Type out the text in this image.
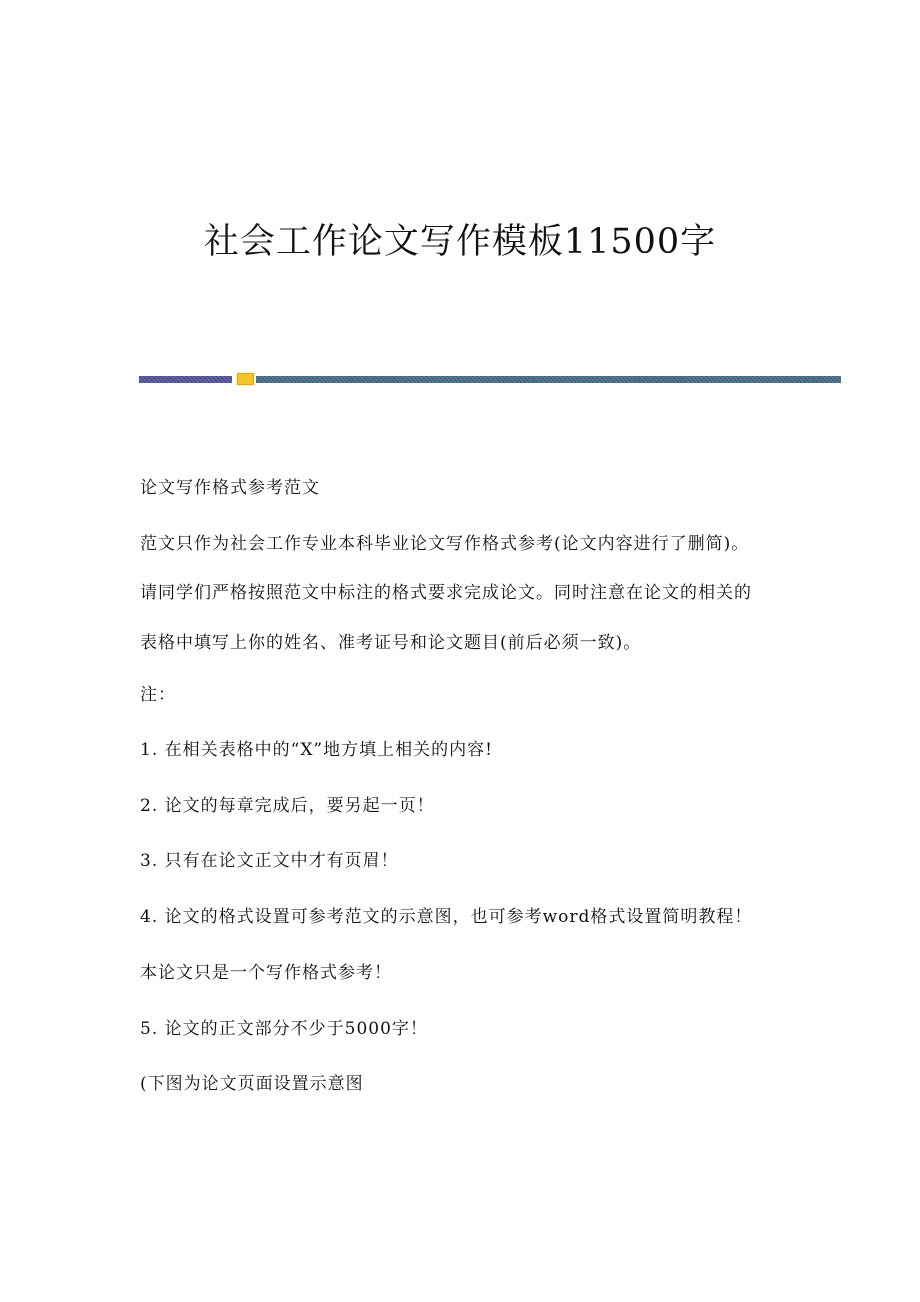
社会工作论文写作模板11500字
论文写作格式参考范文
范文只作为社会工作专业本科毕业论文写作格式参考(论文内容进行了删简)。
请同学们严格按照范文中标注的格式要求完成论文。同时注意在论文的相关的
表格中填写上你的姓名、准考证号和论文题目(前后必须一致)。
注：
1. 在相关表格中的“X”地方填上相关的内容!
2. 论文的每章完成后，要另起一页！
3. 只有在论文正文中才有页眉！
4. 论文的格式设置可参考范文的示意图，也可参考word格式设置简明教程！
本论文只是一个写作格式参考！
5. 论文的正文部分不少于5000字！
(下图为论文页面设置示意图
